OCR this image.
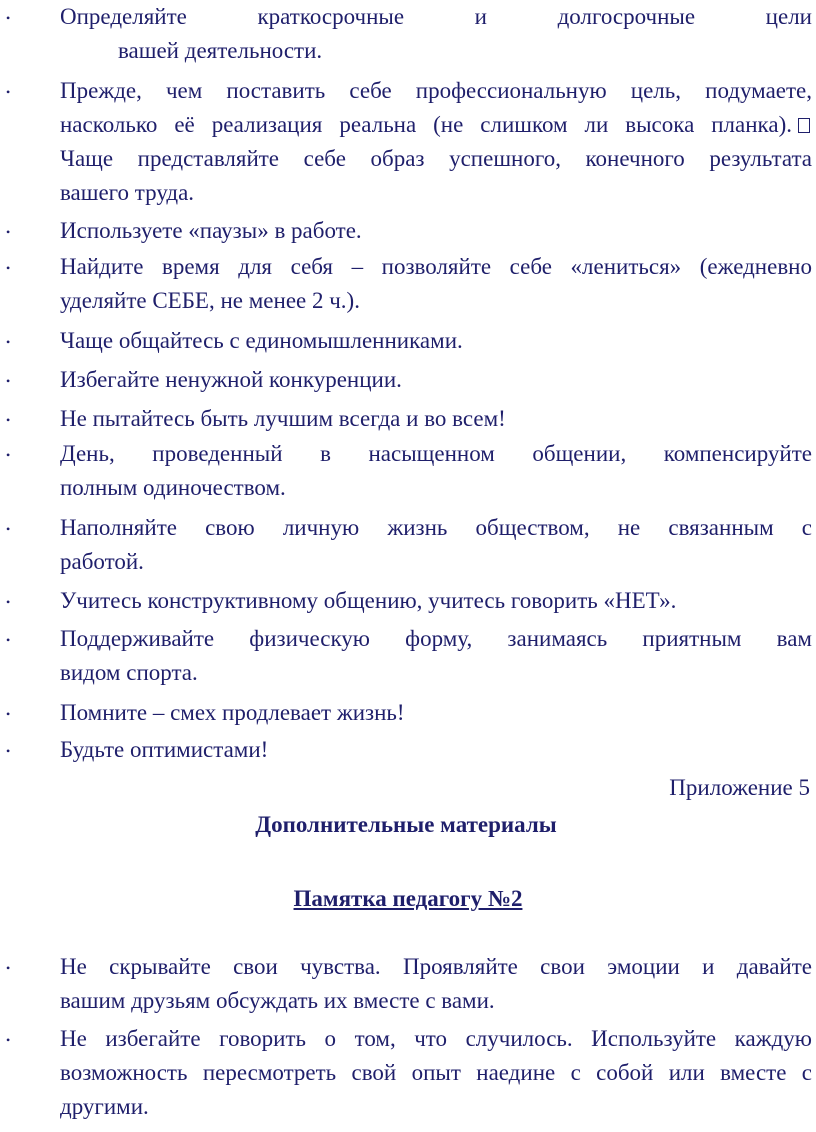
• Определяйте краткосрочные и долгосрочные цели
вашей деятельности.
• Прежде, чем поставить себе профессиональную цель, подумаете,
насколько её реализация реальна (не слишком ли высока планка).
Чаще представляйте себе образ успешного, конечного результата
вашего труда.
• Используете «паузы» в работе.
• Найдите время для себя – позволяйте себе «лениться» (ежедневно
уделяйте СЕБЕ, не менее 2 ч.).
• Чаще общайтесь с единомышленниками.
• Избегайте ненужной конкуренции.
• Не пытайтесь быть лучшим всегда и во всем!
• День, проведенный в насыщенном общении, компенсируйте
полным одиночеством.
• Наполняйте свою личную жизнь обществом, не связанным с
работой.
• Учитесь конструктивному общению, учитесь говорить «НЕТ».
• Поддерживайте физическую форму, занимаясь приятным вам
видом спорта.
• Помните – смех продлевает жизнь!
• Будьте оптимистами!
Приложение 5
Дополнительные материалы
Памятка педагогу №2
• Не скрывайте свои чувства. Проявляйте свои эмоции и давайте
вашим друзьям обсуждать их вместе с вами.
• Не избегайте говорить о том, что случилось. Используйте каждую
возможность пересмотреть свой опыт наедине с собой или вместе с
другими.
